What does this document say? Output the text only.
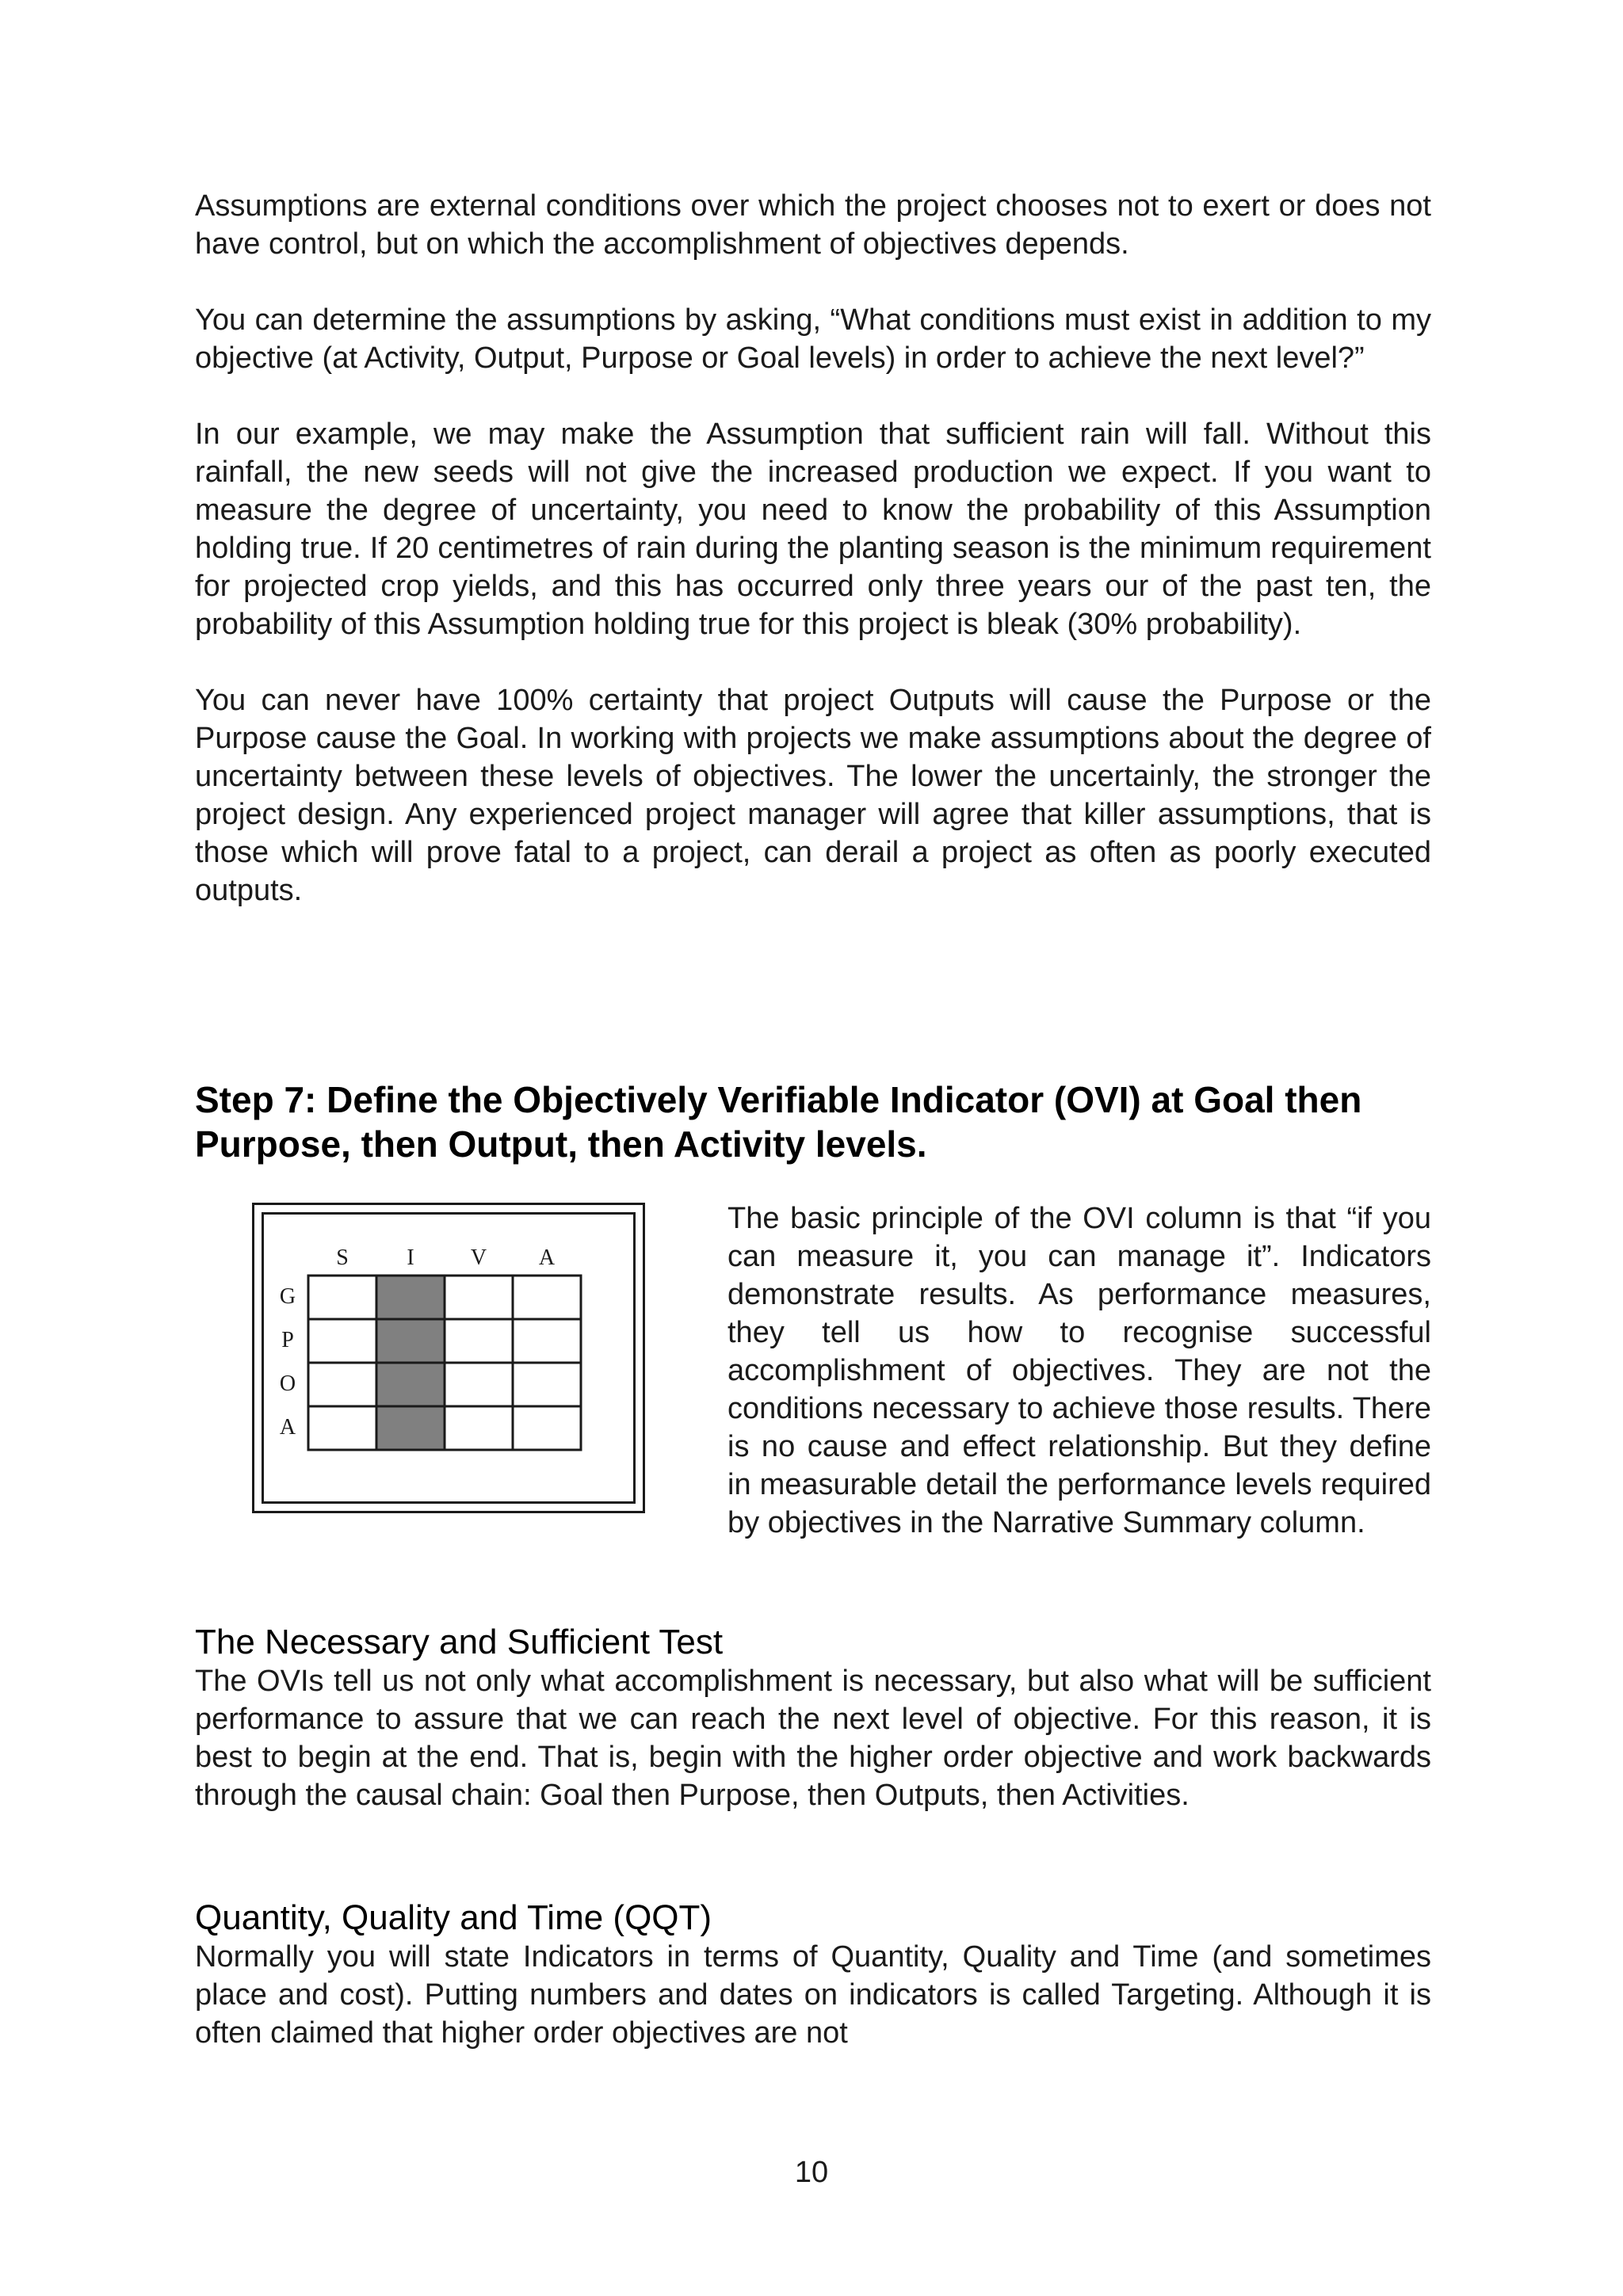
Assumptions are external conditions over which the project chooses not to exert or does not have control, but on which the accomplishment of objectives depends.

You can determine the assumptions by asking, “What conditions must exist in addition to my objective (at Activity, Output, Purpose or Goal levels) in order to achieve the next level?”

In our example, we may make the Assumption that sufficient rain will fall. Without this rainfall, the new seeds will not give the increased production we expect. If you want to measure the degree of uncertainty, you need to know the probability of this Assumption holding true. If 20 centimetres of rain during the planting season is the minimum requirement for projected crop yields, and this has occurred only three years our of the past ten, the probability of this Assumption holding true for this project is bleak (30% probability).

You can never have 100% certainty that project Outputs will cause the Purpose or the Purpose cause the Goal. In working with projects we make assumptions about the degree of uncertainty between these levels of objectives. The lower the uncertainly, the stronger the project design. Any experienced project manager will agree that killer assumptions, that is those which will prove fatal to a project, can derail a project as often as poorly executed outputs.

Step 7: Define the Objectively Verifiable Indicator (OVI) at Goal then Purpose, then Output, then Activity levels.
S	I	V A
G
P
O
A

The basic principle of the OVI column is that “if you can measure it, you can manage it”. Indicators demonstrate results. As performance measures, they tell us how to recognise successful accomplishment of objectives. They are not the conditions necessary to achieve those results. There is no cause and effect relationship. But they define in measurable detail the performance levels required by objectives in the Narrative Summary column.

The Necessary and Sufficient Test

The OVIs tell us not only what accomplishment is necessary, but also what will be sufficient performance to assure that we can reach the next level of objective. For this reason, it is best to begin at the end. That is, begin with the higher order objective and work backwards through the causal chain: Goal then Purpose, then Outputs, then Activities.

Quantity, Quality and Time (QQT)

Normally you will state Indicators in terms of Quantity, Quality and Time (and sometimes place and cost). Putting numbers and dates on indicators is called Targeting. Although it is often claimed that higher order objectives are not

10
